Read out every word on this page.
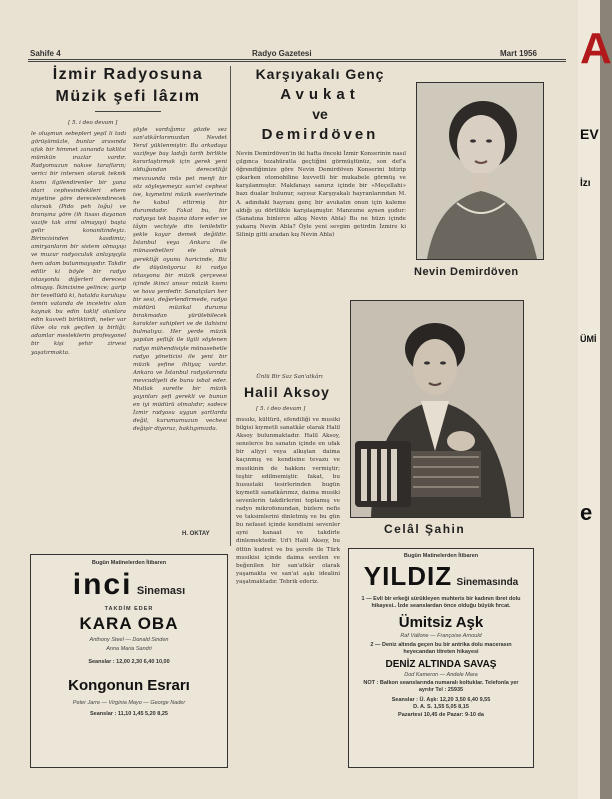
Sahife 4	Radyo Gazetesi	Mart 1956
İzmir Radyosuna
Müzik şefi lâzım
[ 5. i deo devam ]
le oluşmun sebepleri yeşil li tadı görüşümüzle, bunlar arasında ufak bir himmet zananda taklitsi mümkün ırazlar vardır. Radyomuzun nakıse tarafların; verici bir intersen olarak teknik kısmı ilgilendirenler bir yana idari cephesindekileri ehem miyetine göre derecelendirecek olursak (Pido peh loğu) ve branşına göre (ih tisası dayanan vazife tak simi olmayışı) başta gelir konanitindeyiz. Birincisinden kasdimiz; amiryanların bir sistem olmayışı ve muzur radyoculuk anlayışıyla hem adam bulunmayışıdır. Takdir edilir ki böyle bir radyo istasyonlu diğerleri derecesi olmayış. İkincisine gelince; garip bir tevellüdü ki, hatalda kuruluşu temin vatanda de inceletiv olan kaynak bu edin taklif olunlara edin kuvveti birliktirdi, neler var ilâve ola rak geçilen iş birliği; adamlar mesleklerin profesyonel bir kişi şehir zirvesi yaşatırmakta.
şöyle vardığımız gözde sez san'atkârlarımızdan Nevdet Yerul yüklenmiştir. Bu arkadaşa vazifeye baş ladığı tarih birlikte kararlaştırmak için gerek yeni olduğundan derecetliği mevzuunda müs pet menfi bir söz söyleyemeyiz san'et cephesi ise, kıymetini müzik eserlerinde he kabul ettirmiş bir durumdadır. Fakat bu, bir radyoya tek başına idare eder ve tâyin vechiyle din lenilebilir şekle kayar demek değildir. İstanbul veya Ankara ile münasebetleri ele almak gerektiği oyunu haricinde, Biz de düşünüyoruz ki radyo istasyonu bir müzik çerçevesi içinde ikinci unsur müzik kısmı ve hava yerdedir. Sanatçıları her bir sesi, değerlendirmede, radyo müdürü müzikal duruma bırakmadan yürütebilecek karakter sahipleri ve de ilahisini bulmalıyız. Her yerde müzik yapılan şefliği ile ilgili söylenen radyo mühendisiyle münasebetle radyo yöneticisi ile yeni bir müzik şefine ihtiyaç vardır. Ankara ve İstanbul radyolarında mevcudiyeti de bunu isbat eder. Mutlak surette bir müzik yayınları şefi gerekli ve bunun en iyi müdürü olmalıdır; sadece İzmir radyosu uygun şartlarda değil, kurumumuzun vechesi değişir diyoruz, baktıgımızda.
H. OKTAY
Karşıyakalı Genç
Avukat
ve
Demirdöven
Nevin Demirdöven'in iki hafta önceki İzmir Konserinin nasıl çılgınca tezahüratla geçtiğini görmüştünüz, son def'a öğrendiğimize göre Nevin Demirdöven Konserini bitirip çıkarken otomobiline kuvvetli bir mukabele görmüş ve karşılanmıştır. Makfanayı sanırız içinde bir «Meçellahi» bazı dualar bulunur, sayısız Karşıyakalı hayranlarından M. A. adındaki hayranı genç bir avukatın onun için kaleme aldığı şu dörtlükle karşılaşmıştır. Manzume aynen şudur: (Sanatına binlerce alkış Nevin Abla) Bu ne hüzn içinde yakarış Nevin Abla? Öyle yeni sevgim getirdin İzmire ki Silinip gitti aradan kış Nevin Abla)
Ünlü Bir Saz San'atkârı
Halil Aksoy
[ 5. i deo devam ]
musıkı, kültürü, efendiliği ve musiki bilgisi kıymetli sanatkâr olarak Halil Aksoy bulunmaktadır. Halil Aksoy, senelerce bu sanatın içinde en ufak bir aliyyi veya alkıştan daima kaçınmış ve kendisine tevazu ve musikinin de hakkını vermiştir; teşhir edilmemiştir. fakat, bu husustaki tesirlerinden bugün kıymetli sanatkârımız, daima musiki sevenlerin takdirlerini toplamış ve radyo mikrofonundan, bizlere nefis ve taksimlerini dinletmiş ve bu gün bu nefaset içinde kendisini sevenler ayni kanaat ve takdirle dinlemektedir. Ud'i Halil Aksoy, bu öttün kudret ve bu şerefe ile Türk musikisi içinde daima sevilen ve beğenilen bir san'atkâr olarak yaşamakta ve san'at aşkı idealini yaşatmaktadır. Tebrik ederiz.
Nevin Demirdöven
Celâl Şahin
Bugün Matinelerden İtibaren
inci Sineması
TAKDİM EDER
KARA OBA
Anthony Steel — Donald Sinden
Anna Maria Sandri
Seanslar : 12,00 2,30 6,40 10,00
Kongonun Esrarı
Peter Jarre — Virginia Mayo — George Nader
Seanslar : 11,10 1,45 5,20 8,25
Bugün Matinelerden İtibaren
YILDIZ Sinemasında
1 — Evli bir erkeği sürükleyen muhteris bir kadının ibret dolu hikayesi.. İzde seanslardan önce olduğu büyük fırcat.
Ümitsiz Aşk
Raf Vallone — Françoise Arnould
2 — Deniz altında geçen bu bir antrika dolu macerasın heyecandan titreten hikayesi
DENİZ ALTINDA SAVAŞ
Dod Kameron — Andele Mara
NOT : Balkon seanslarında numaralı koltuklar. Telefonla yer ayrılır Tel : 25935
Seanslar : Ü. Aşk: 12,20 3,50 6,40 9,55
D. A. S. 1,55 5,05 8,15
Pazartesi 10,45 de Pazar: 9-10 da
A
EV
İzı
ÜMİ
e
